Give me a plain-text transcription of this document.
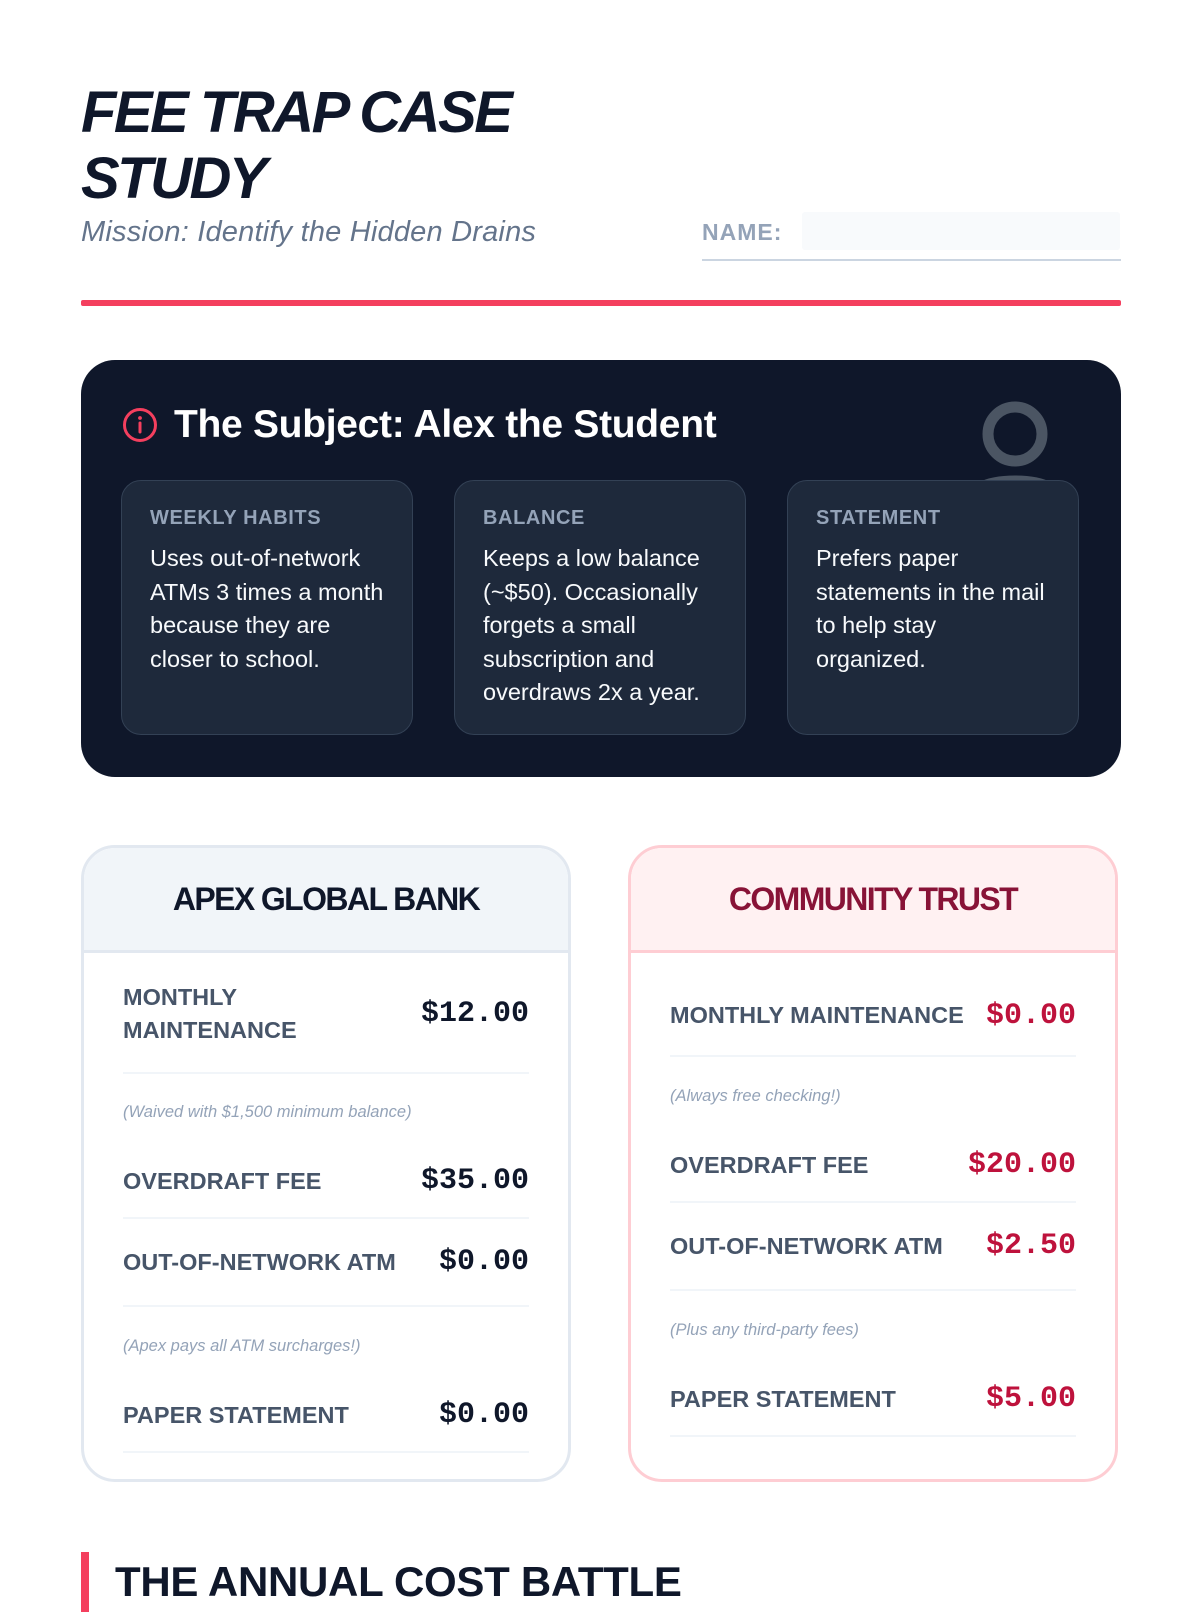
FEE TRAP CASE STUDY
Mission: Identify the Hidden Drains	NAME:
The Subject: Alex the Student
WEEKLY HABITS
Uses out-of-network ATMs 3 times a month because they are closer to school.
BALANCE
Keeps a low balance (~$50). Occasionally forgets a small subscription and overdraws 2x a year.
STATEMENT
Prefers paper statements in the mail to help stay organized.
APEX GLOBAL BANK
MONTHLY MAINTENANCE	$12.00
(Waived with $1,500 minimum balance)
OVERDRAFT FEE	$35.00
OUT-OF-NETWORK ATM $0.00
(Apex pays all ATM surcharges!)
PAPER STATEMENT	$0.00
COMMUNITY TRUST
MONTHLY MAINTENANCE $0.00
(Always free checking!)
OVERDRAFT FEE	$20.00
OUT-OF-NETWORK ATM $2.50
(Plus any third-party fees)
PAPER STATEMENT	$5.00
THE ANNUAL COST BATTLE
